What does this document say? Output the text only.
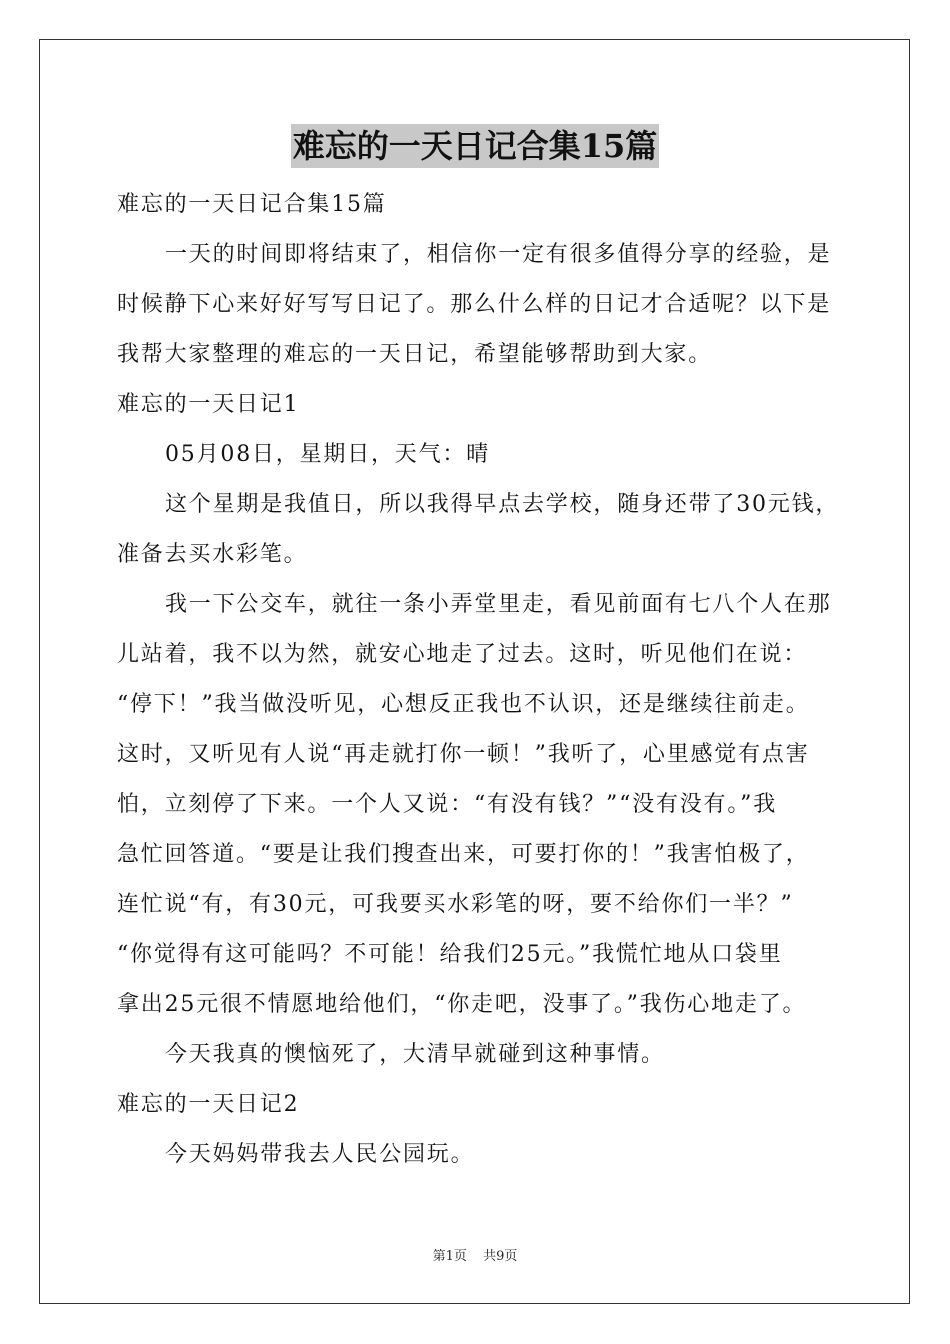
难忘的一天日记合集15篇
难忘的一天日记合集15篇
一天的时间即将结束了，相信你一定有很多值得分享的经验，是
时候静下心来好好写写日记了。那么什么样的日记才合适呢？以下是
我帮大家整理的难忘的一天日记，希望能够帮助到大家。
难忘的一天日记1
05月08日，星期日，天气：晴
这个星期是我值日，所以我得早点去学校，随身还带了30元钱，
准备去买水彩笔。
我一下公交车，就往一条小弄堂里走，看见前面有七八个人在那
儿站着，我不以为然，就安心地走了过去。这时，听见他们在说：
“停下！”我当做没听见，心想反正我也不认识，还是继续往前走。
这时，又听见有人说“再走就打你一顿！”我听了，心里感觉有点害
怕，立刻停了下来。一个人又说：“有没有钱？”“没有没有。”我
急忙回答道。“要是让我们搜查出来，可要打你的！”我害怕极了，
连忙说“有，有30元，可我要买水彩笔的呀，要不给你们一半？”
“你觉得有这可能吗？不可能！给我们25元。”我慌忙地从口袋里
拿出25元很不情愿地给他们，“你走吧，没事了。”我伤心地走了。
今天我真的懊恼死了，大清早就碰到这种事情。
难忘的一天日记2
今天妈妈带我去人民公园玩。
第1页 共9页
